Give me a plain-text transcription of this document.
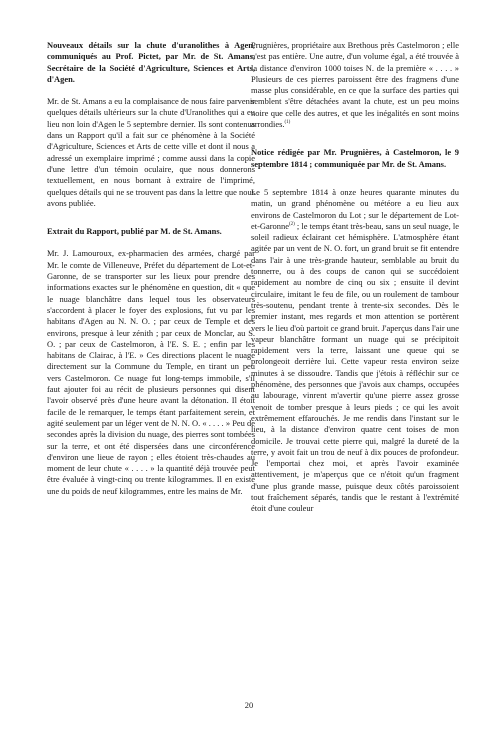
Nouveaux détails sur la chute d'uranolithes à Agen, communiqués au Prof. Pictet, par Mr. de St. Amans, Secrétaire de la Société d'Agriculture, Sciences et Arts, d'Agen.

Mr. de St. Amans a eu la complaisance de nous faire parvenir quelques détails ultérieurs sur la chute d'Uranolithes qui a eu lieu non loin d'Agen le 5 septembre dernier. Ils sont contenus dans un Rapport qu'il a fait sur ce phénomène à la Société d'Agriculture, Sciences et Arts de cette ville et dont il nous a adressé un exemplaire imprimé ; comme aussi dans la copie d'une lettre d'un témoin oculaire, que nous donnerons textuellement, en nous bornant à extraire de l'imprimé, quelques détails qui ne se trouvent pas dans la lettre que nous avons publiée.

Extrait du Rapport, publié par M. de St. Amans.

Mr. J. Lamouroux, ex-pharmacien des armées, chargé par Mr. le comte de Villeneuve, Préfet du département de Lot-et-Garonne, de se transporter sur les lieux pour prendre des informations exactes sur le phénomène en question, dit « que le nuage blanchâtre dans lequel tous les observateurs s'accordent à placer le foyer des explosions, fut vu par les habitans d'Agen au N. N. O. ; par ceux de Temple et des environs, presque à leur zénith ; par ceux de Monclar, au S. O. ; par ceux de Castelmoron, à l'E. S. E. ; enfin par les habitans de Clairac, à l'E. » Ces directions placent le nuage directement sur la Commune du Temple, en tirant un peu vers Castelmoron. Ce nuage fut long-temps immobile, s'il faut ajouter foi au récit de plusieurs personnes qui disent l'avoir observé près d'une heure avant la détonation. Il étoit facile de le remarquer, le temps étant parfaitement serein, et agité seulement par un léger vent de N. N. O. « . . . . » Peu de secondes après la division du nuage, des pierres sont tombées sur la terre, et ont été dispersées dans une circonférence d'environ une lieue de rayon ; elles étoient très-chaudes au moment de leur chute « . . . . » la quantité déjà trouvée peut être évaluée à vingt-cinq ou trente kilogrammes. Il en existe une du poids de neuf kilogrammes, entre les mains de Mr.

Prugnières, propriétaire aux Brethous près Castelmoron ; elle n'est pas entière. Une autre, d'un volume égal, a été trouvée à la distance d'environ 1000 toises N. de la première « . . . . » Plusieurs de ces pierres paroissent être des fragmens d'une masse plus considérable, en ce que la surface des parties qui semblent s'être détachées avant la chute, est un peu moins noire que celle des autres, et que les inégalités en sont moins arrondies.$^{(1)}$

Notice rédigée par Mr. Prugnières, à Castelmoron, le 9 septembre 1814 ; communiquée par Mr. de St. Amans.

Le 5 septembre 1814 à onze heures quarante minutes du matin, un grand phénomène ou météore a eu lieu aux environs de Castelmoron du Lot ; sur le département de Lot-et-Garonne$^{(2)}$ ; le temps étant très-beau, sans un seul nuage, le soleil radieux éclairant cet hémisphère. L'atmosphère étant agitée par un vent de N. O. fort, un grand bruit se fit entendre dans l'air à une très-grande hauteur, semblable au bruit du tonnerre, ou à des coups de canon qui se succédoient rapidement au nombre de cinq ou six ; ensuite il devint circulaire, imitant le feu de file, ou un roulement de tambour très-soutenu, pendant trente à trente-six secondes. Dès le premier instant, mes regards et mon attention se portèrent vers le lieu d'où partoit ce grand bruit. J'aperçus dans l'air une vapeur blanchâtre formant un nuage qui se précipitoit rapidement vers la terre, laissant une queue qui se prolongeoit derrière lui. Cette vapeur resta environ seize minutes à se dissoudre. Tandis que j'étois à réfléchir sur ce phénomène, des personnes que j'avois aux champs, occupées au labourage, vinrent m'avertir qu'une pierre assez grosse venoit de tomber presque à leurs pieds ; ce qui les avoit extrêmement effarouchés. Je me rendis dans l'instant sur le lieu, à la distance d'environ quatre cent toises de mon domicile. Je trouvai cette pierre qui, malgré la dureté de la terre, y avoit fait un trou de neuf à dix pouces de profondeur. Je l'emportai chez moi, et après l'avoir examinée attentivement, je m'aperçus que ce n'étoit qu'un fragment d'une plus grande masse, puisque deux côtés paroissoient tout fraîchement séparés, tandis que le restant à l'extrémité étoit d'une couleur

20
